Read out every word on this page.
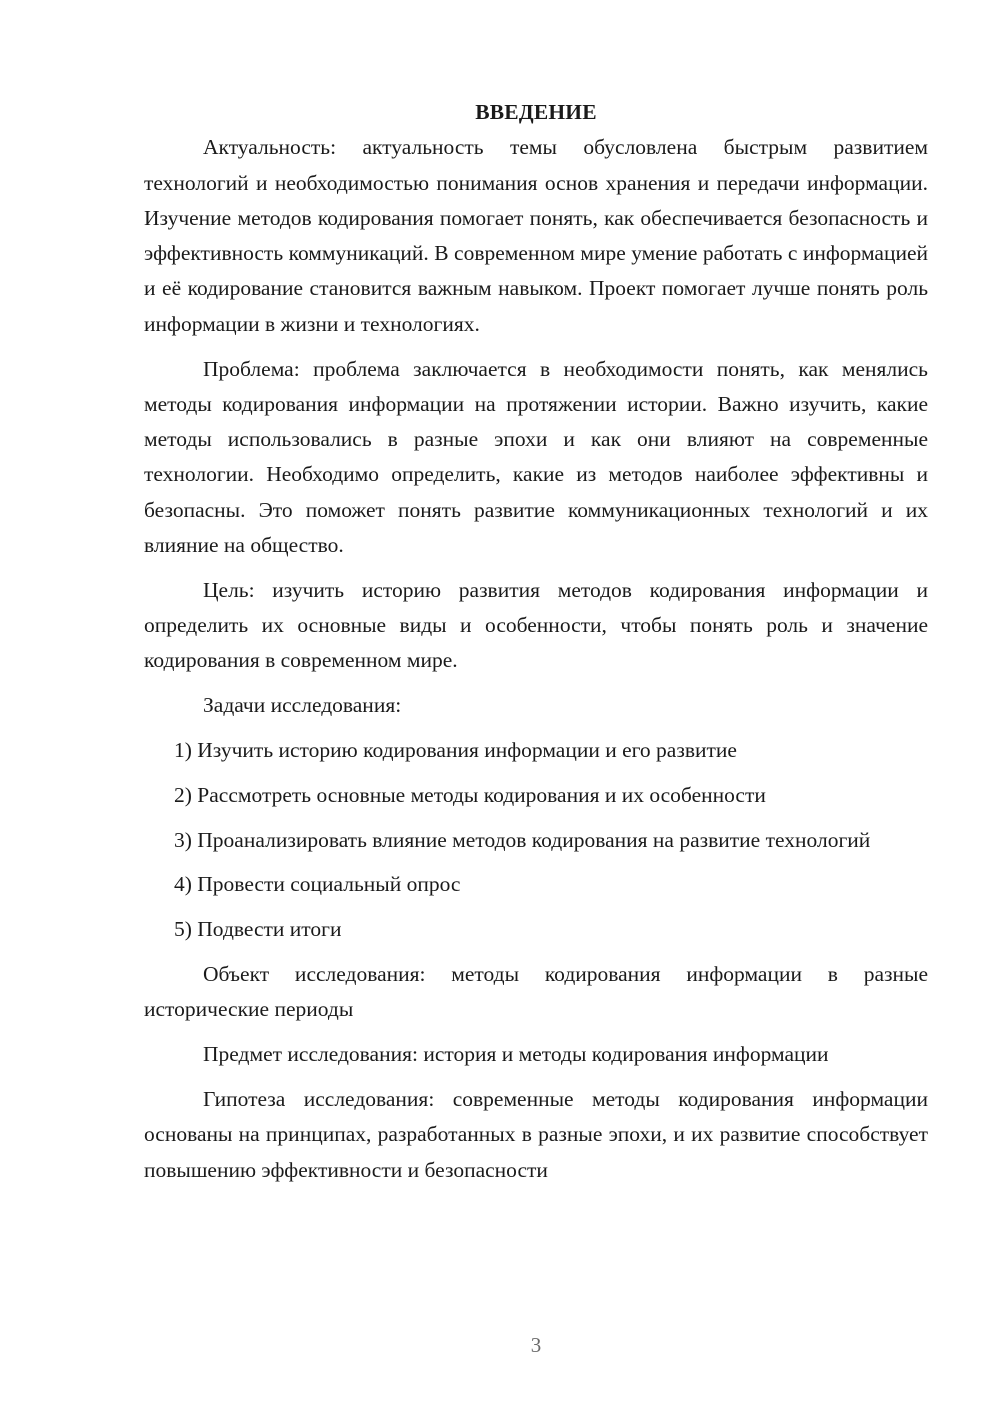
ВВЕДЕНИЕ

Актуальность: актуальность темы обусловлена быстрым развитием технологий и необходимостью понимания основ хранения и передачи информации. Изучение методов кодирования помогает понять, как обеспечивается безопасность и эффективность коммуникаций. В современном мире умение работать с информацией и её кодирование становится важным навыком. Проект помогает лучше понять роль информации в жизни и технологиях.

Проблема: проблема заключается в необходимости понять, как менялись методы кодирования информации на протяжении истории. Важно изучить, какие методы использовались в разные эпохи и как они влияют на современные технологии. Необходимо определить, какие из методов наиболее эффективны и безопасны. Это поможет понять развитие коммуникационных технологий и их влияние на общество.

Цель: изучить историю развития методов кодирования информации и определить их основные виды и особенности, чтобы понять роль и значение кодирования в современном мире.

Задачи исследования:

1) Изучить историю кодирования информации и его развитие

2) Рассмотреть основные методы кодирования и их особенности

3) Проанализировать влияние методов кодирования на развитие технологий

4) Провести социальный опрос

5) Подвести итоги

Объект исследования: методы кодирования информации в разные исторические периоды

Предмет исследования: история и методы кодирования информации

Гипотеза исследования: современные методы кодирования информации основаны на принципах, разработанных в разные эпохи, и их развитие способствует повышению эффективности и безопасности

3
